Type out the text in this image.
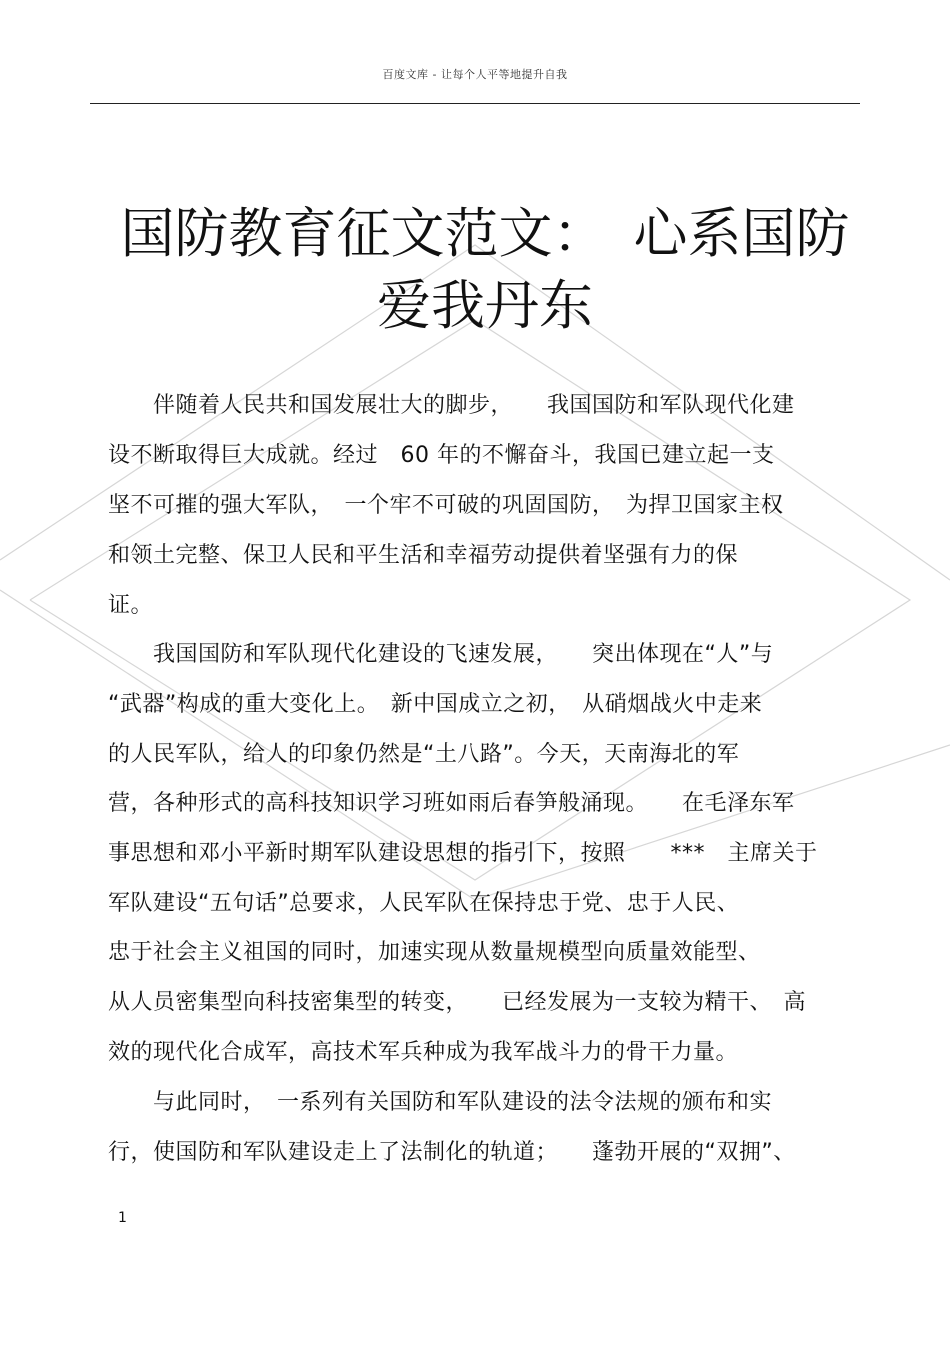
百度文库 - 让每个人平等地提升自我
国防教育征文范文：　心系国防
爱我丹东
　　伴随着人民共和国发展壮大的脚步，　　我国国防和军队现代化建
设不断取得巨大成就。经过　60 年的不懈奋斗，我国已建立起一支
坚不可摧的强大军队，　一个牢不可破的巩固国防，　为捍卫国家主权
和领土完整、保卫人民和平生活和幸福劳动提供着坚强有力的保
证。
　　我国国防和军队现代化建设的飞速发展，　　突出体现在“人”与
“武器”构成的重大变化上。　新中国成立之初，　从硝烟战火中走来
的人民军队，给人的印象仍然是“土八路”。今天，天南海北的军
营，各种形式的高科技知识学习班如雨后春笋般涌现。　　在毛泽东军
事思想和邓小平新时期军队建设思想的指引下，按照　　***　主席关于
军队建设“五句话”总要求，人民军队在保持忠于党、忠于人民、
忠于社会主义祖国的同时，加速实现从数量规模型向质量效能型、
从人员密集型向科技密集型的转变，　　已经发展为一支较为精干、　高
效的现代化合成军，高技术军兵种成为我军战斗力的骨干力量。
　　与此同时，　一系列有关国防和军队建设的法令法规的颁布和实
行，使国防和军队建设走上了法制化的轨道；　　蓬勃开展的“双拥”、
1
